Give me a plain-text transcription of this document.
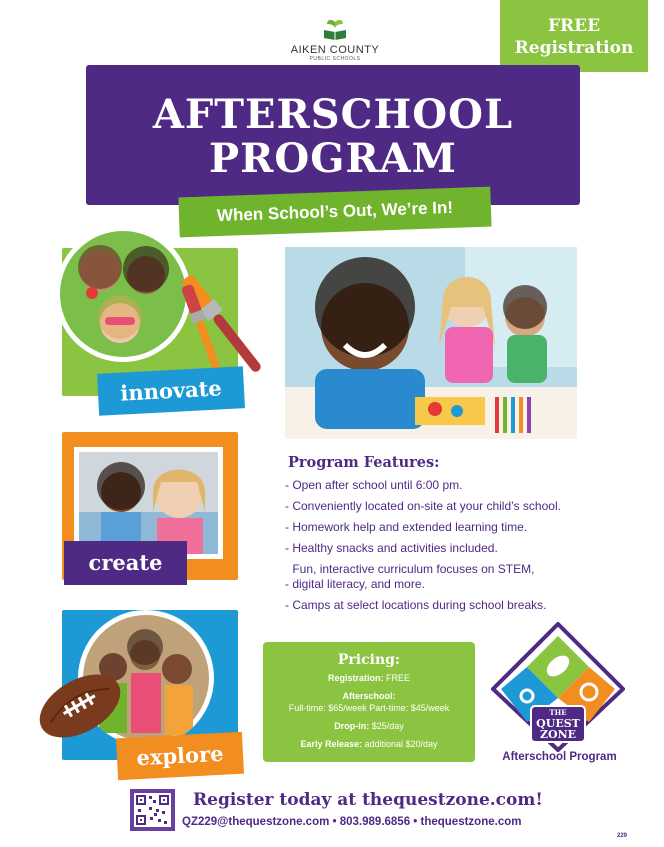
AIKEN COUNTY
PUBLIC SCHOOLS
FREE
Registration
AFTERSCHOOL
PROGRAM
When School’s Out, We’re In!
innovate
create
explore
Program Features:
- Open after school until 6:00 pm.
- Conveniently located on-site at your child’s school.
- Homework help and extended learning time.
- Healthy snacks and activities included.
- Fun, interactive curriculum focuses on STEM, digital literacy, and more.
- Camps at select locations during school breaks.
Pricing:
Registration: FREE
Afterschool:
Full-time: $65/week Part-time: $45/week
Drop-in: $25/day
Early Release: additional $20/day
THE
QUEST
ZONE
Afterschool Program
Register today at thequestzone.com!
QZ229@thequestzone.com • 803.989.6856 • thequestzone.com
229
